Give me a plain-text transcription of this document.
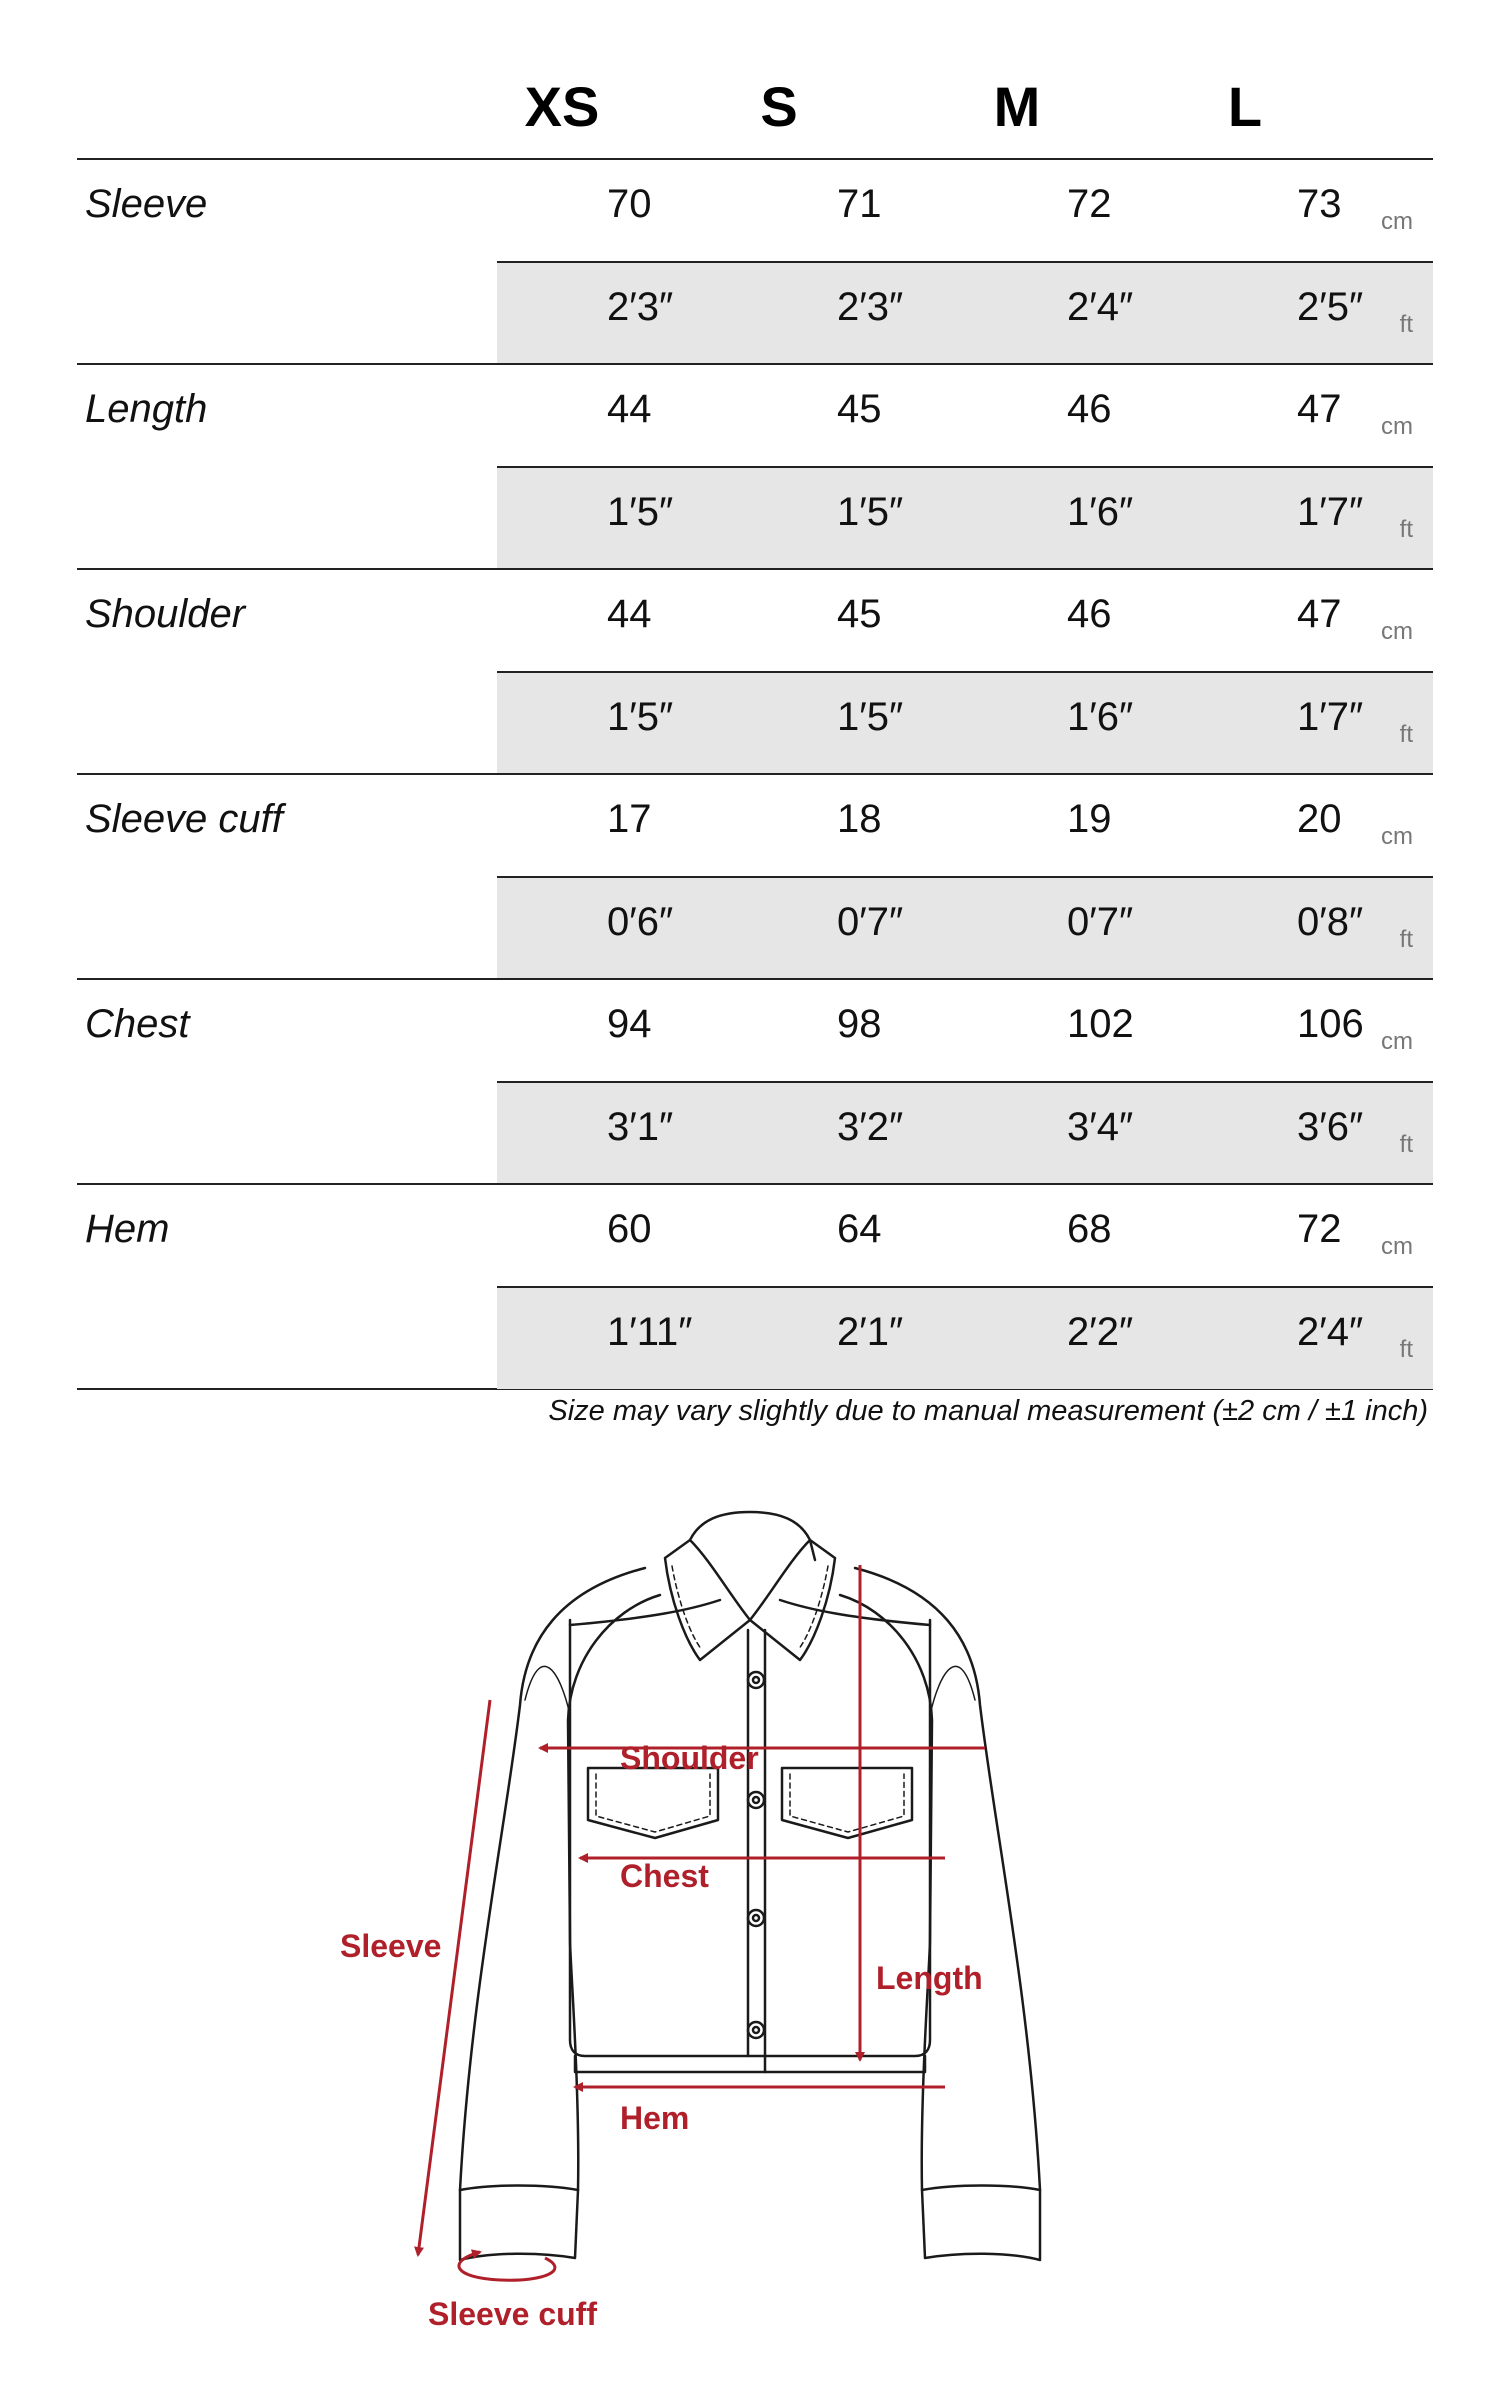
XS	S	M	L
Sleeve	70	71	72	73 cm
2′3″	2′3″	2′4″	2′5″ ft
Length	44	45	46	47 cm
1′5″	1′5″	1′6″	1′7″ ft
Shoulder	44	45	46	47 cm
1′5″	1′5″	1′6″	1′7″ ft
Sleeve cuff	17	18	19	20 cm
0′6″	0′7″	0′7″	0′8″ ft
Chest	94	98	102	106 cm
3′1″	3′2″	3′4″	3′6″ ft
Hem	60	64	68	72 cm
1′11″	2′1″	2′2″	2′4″ ft
Size may vary slightly due to manual measurement (±2 cm / ±1 inch)
Shoulder
Chest
Sleeve
Length
Hem
Sleeve cuff
